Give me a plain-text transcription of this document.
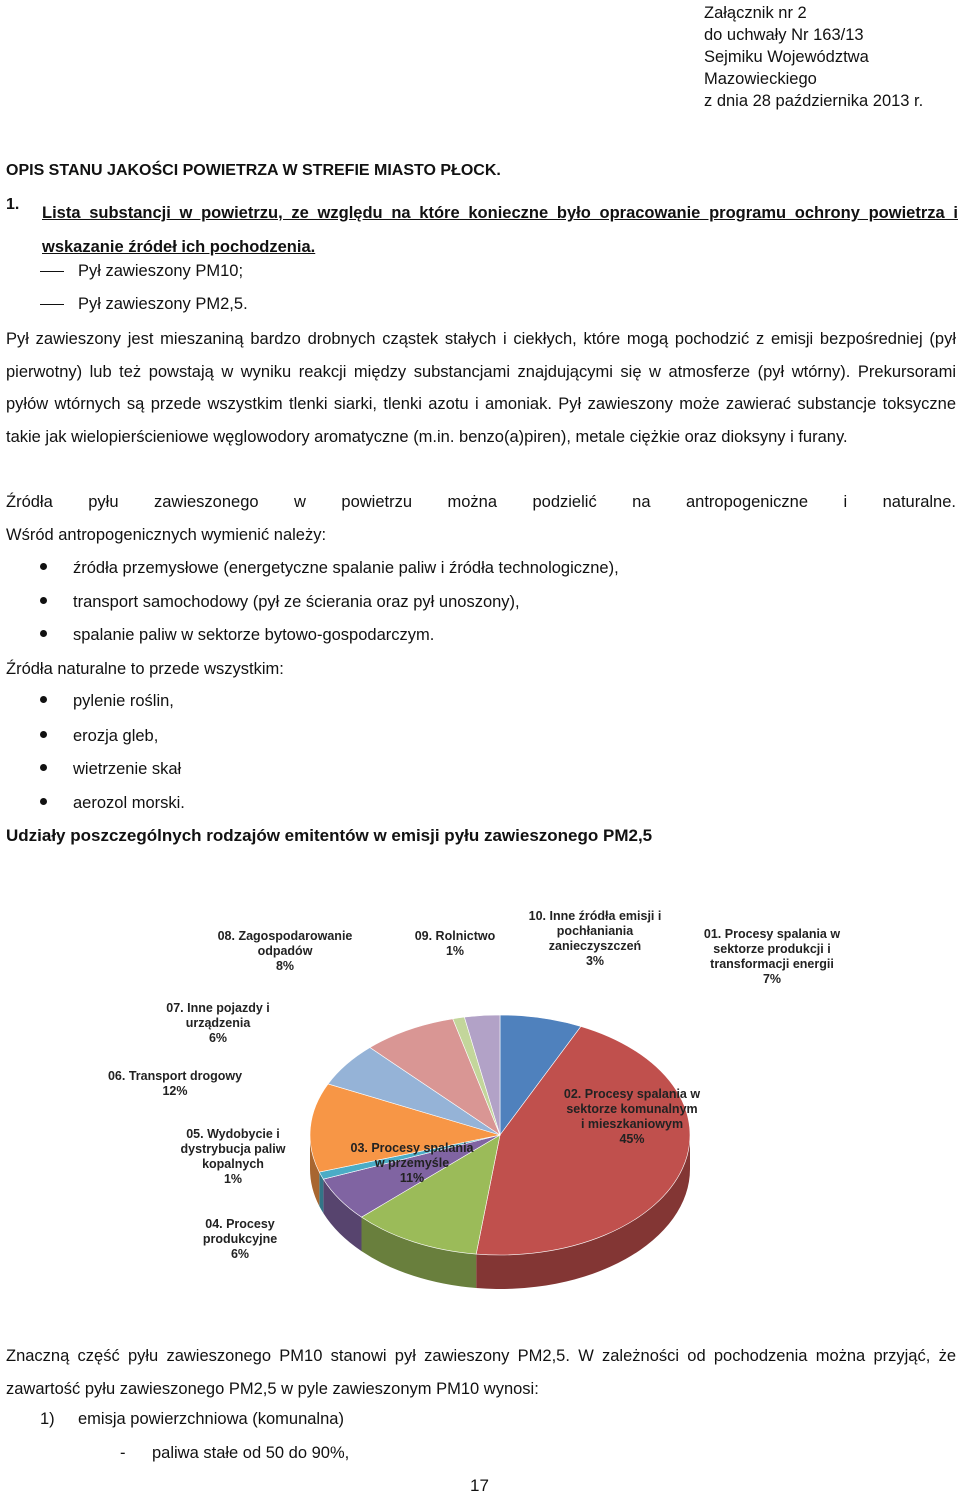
Załącznik nr 2
do uchwały Nr 163/13
Sejmiku Województwa
Mazowieckiego
z dnia 28 października 2013 r.
OPIS STANU JAKOŚCI POWIETRZA W STREFIE MIASTO PŁOCK.
1. Lista substancji w powietrzu, ze względu na które konieczne było opracowanie programu ochrony powietrza i wskazanie źródeł ich pochodzenia.
Pył zawieszony PM10;
Pył zawieszony PM2,5.
Pył zawieszony jest mieszaniną bardzo drobnych cząstek stałych i ciekłych, które mogą pochodzić z emisji bezpośredniej (pył pierwotny) lub też powstają w wyniku reakcji między substancjami znajdującymi się w atmosferze (pył wtórny). Prekursorami pyłów wtórnych są przede wszystkim tlenki siarki, tlenki azotu i amoniak. Pył zawieszony może zawierać substancje toksyczne takie jak wielopierścieniowe węglowodory aromatyczne (m.in. benzo(a)piren), metale ciężkie oraz dioksyny i furany.
Źródła pyłu zawieszonego w powietrzu można podzielić na antropogeniczne i naturalne.
Wśród antropogenicznych wymienić należy:
źródła przemysłowe (energetyczne spalanie paliw i źródła technologiczne),
transport samochodowy (pył ze ścierania oraz pył unoszony),
spalanie paliw w sektorze bytowo-gospodarczym.
Źródła naturalne to przede wszystkim:
pylenie roślin,
erozja gleb,
wietrzenie skał
aerozol morski.
Udziały poszczególnych rodzajów emitentów w emisji pyłu zawieszonego PM2,5
01. Procesy spalania w sektorze produkcji i transformacji energii 7%
02. Procesy spalania w sektorze komunalnym i mieszkaniowym 45%
03. Procesy spalania w przemyśle 11%
04. Procesy produkcyjne 6%
05. Wydobycie i dystrybucja paliw kopalnych 1%
06. Transport drogowy 12%
07. Inne pojazdy i urządzenia 6%
08. Zagospodarowanie odpadów 8%
09. Rolnictwo 1%
10. Inne źródła emisji i pochłaniania zanieczyszczeń 3%
Znaczną część pyłu zawieszonego PM10 stanowi pył zawieszony PM2,5. W zależności od pochodzenia można przyjąć, że zawartość pyłu zawieszonego PM2,5 w pyle zawieszonym PM10 wynosi:
1) emisja powierzchniowa (komunalna)
- paliwa stałe od 50 do 90%,
17
